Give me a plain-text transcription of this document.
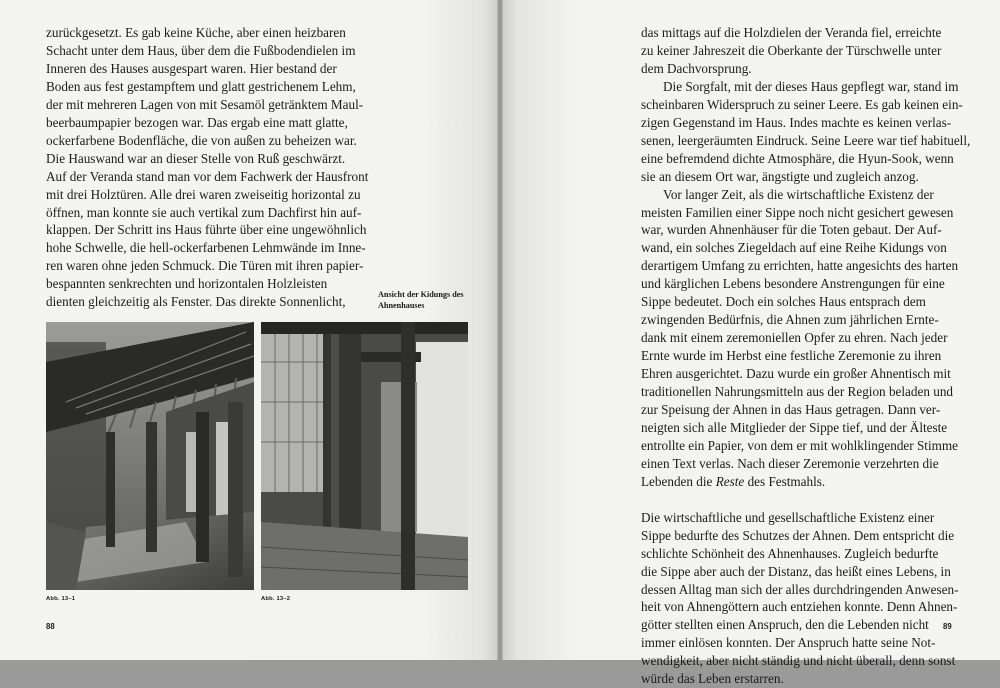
zurückgesetzt. Es gab keine Küche, aber einen heizbaren
Schacht unter dem Haus, über dem die Fußbodendielen im
Inneren des Hauses ausgespart waren. Hier bestand der
Boden aus fest gestampftem und glatt gestrichenem Lehm,
der mit mehreren Lagen von mit Sesamöl getränktem Maul-
beerbaumpapier bezogen war. Das ergab eine matt glatte,
ockerfarbene Bodenfläche, die von außen zu beheizen war.
Die Hauswand war an dieser Stelle von Ruß geschwärzt.
Auf der Veranda stand man vor dem Fachwerk der Hausfront
mit drei Holztüren. Alle drei waren zweiseitig horizontal zu
öffnen, man konnte sie auch vertikal zum Dachfirst hin auf-
klappen. Der Schritt ins Haus führte über eine ungewöhnlich
hohe Schwelle, die hell-ockerfarbenen Lehmwände im Inne-
ren waren ohne jeden Schmuck. Die Türen mit ihren papier-
bespannten senkrechten und horizontalen Holzleisten
dienten gleichzeitig als Fenster. Das direkte Sonnenlicht,	Ansicht der Kidungs des
Ahnenhauses
Abb. 13–1	Abb. 13–2
88
das mittags auf die Holzdielen der Veranda fiel, erreichte
zu keiner Jahreszeit die Oberkante der Türschwelle unter
dem Dachvorsprung.
Die Sorgfalt, mit der dieses Haus gepflegt war, stand im
scheinbaren Widerspruch zu seiner Leere. Es gab keinen ein-
zigen Gegenstand im Haus. Indes machte es keinen verlas-
senen, leergeräumten Eindruck. Seine Leere war tief habituell,
eine befremdend dichte Atmosphäre, die Hyun-Sook, wenn
sie an diesem Ort war, ängstigte und zugleich anzog.
Vor langer Zeit, als die wirtschaftliche Existenz der
meisten Familien einer Sippe noch nicht gesichert gewesen
war, wurden Ahnenhäuser für die Toten gebaut. Der Auf-
wand, ein solches Ziegeldach auf eine Reihe Kidungs von
derartigem Umfang zu errichten, hatte angesichts des harten
und kärglichen Lebens besondere Anstrengungen für eine
Sippe bedeutet. Doch ein solches Haus entsprach dem
zwingenden Bedürfnis, die Ahnen zum jährlichen Ernte-
dank mit einem zeremoniellen Opfer zu ehren. Nach jeder
Ernte wurde im Herbst eine festliche Zeremonie zu ihren
Ehren ausgerichtet. Dazu wurde ein großer Ahnentisch mit
traditionellen Nahrungsmitteln aus der Region beladen und
zur Speisung der Ahnen in das Haus getragen. Dann ver-
neigten sich alle Mitglieder der Sippe tief, und der Älteste
entrollte ein Papier, von dem er mit wohlklingender Stimme
einen Text verlas. Nach dieser Zeremonie verzehrten die
Lebenden die Reste des Festmahls.
Die wirtschaftliche und gesellschaftliche Existenz einer
Sippe bedurfte des Schutzes der Ahnen. Dem entspricht die
schlichte Schönheit des Ahnenhauses. Zugleich bedurfte
die Sippe aber auch der Distanz, das heißt eines Lebens, in
dessen Alltag man sich der alles durchdringenden Anwesen-
heit von Ahnengöttern auch entziehen konnte. Denn Ahnen-
götter stellten einen Anspruch, den die Lebenden nicht
immer einlösen konnten. Der Anspruch hatte seine Not-
wendigkeit, aber nicht ständig und nicht überall, denn sonst
würde das Leben erstarren.
89
